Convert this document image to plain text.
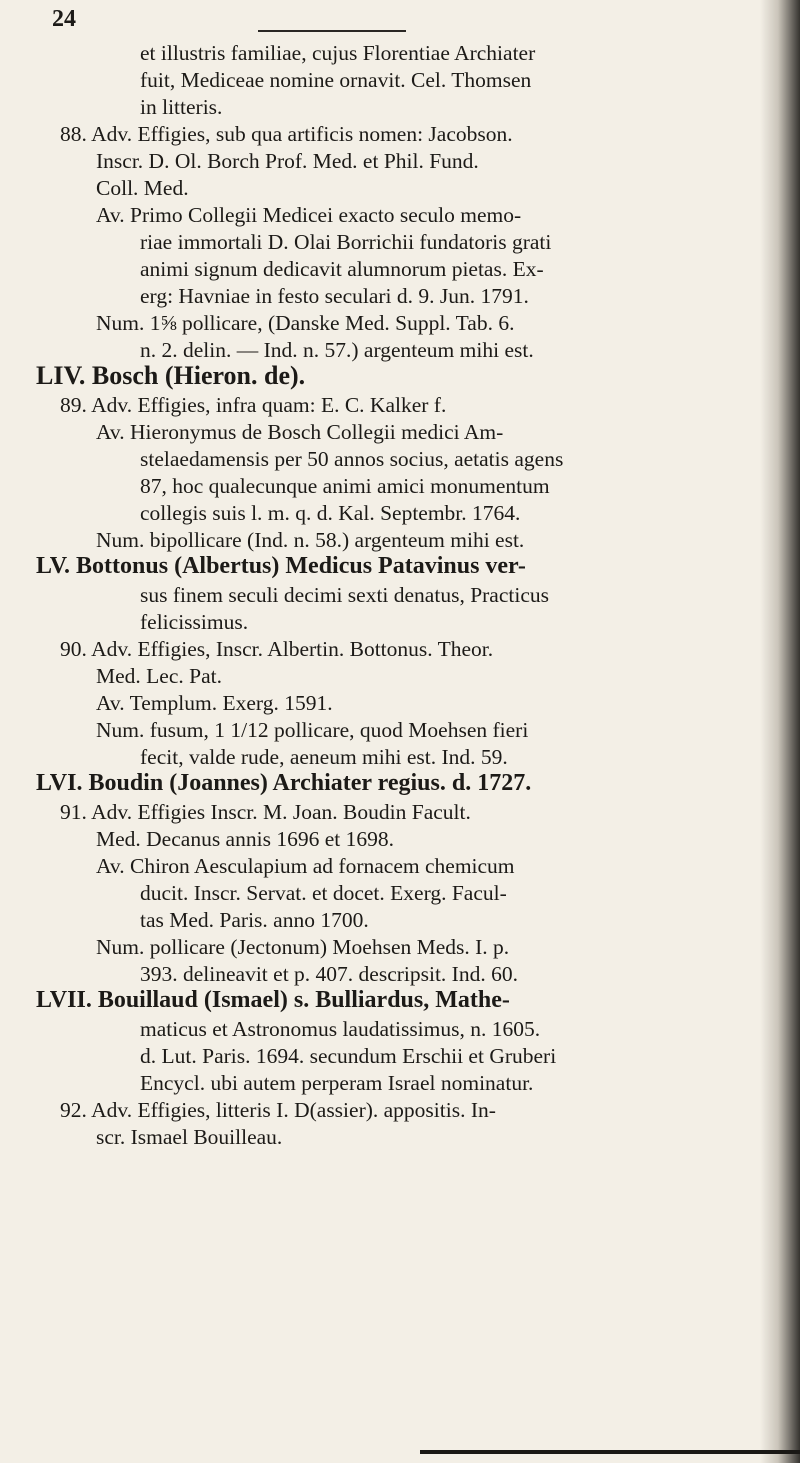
24
et illustris familiae, cujus Florentiae Archiater
fuit, Mediceae nomine ornavit. Cel. Thomsen
in litteris.
88. Adv. Effigies, sub qua artificis nomen: Jacobson.
Inscr. D. Ol. Borch Prof. Med. et Phil. Fund.
Coll. Med.
Av. Primo Collegii Medicei exacto seculo memo-
riae immortali D. Olai Borrichii fundatoris grati
animi signum dedicavit alumnorum pietas. Ex-
erg: Havniae in festo seculari d. 9. Jun. 1791.
Num. 1⅝ pollicare, (Danske Med. Suppl. Tab. 6.
n. 2. delin. — Ind. n. 57.) argenteum mihi est.
LIV. Bosch (Hieron. de).
89. Adv. Effigies, infra quam: E. C. Kalker f.
Av. Hieronymus de Bosch Collegii medici Am-
stelaedamensis per 50 annos socius, aetatis agens
87, hoc qualecunque animi amici monumentum
collegis suis l. m. q. d. Kal. Septembr. 1764.
Num. bipollicare (Ind. n. 58.) argenteum mihi est.
LV. Bottonus (Albertus) Medicus Patavinus ver-
sus finem seculi decimi sexti denatus, Practicus
felicissimus.
90. Adv. Effigies, Inscr. Albertin. Bottonus. Theor.
Med. Lec. Pat.
Av. Templum. Exerg. 1591.
Num. fusum, 1 1/12 pollicare, quod Moehsen fieri
fecit, valde rude, aeneum mihi est. Ind. 59.
LVI. Boudin (Joannes) Archiater regius. d. 1727.
91. Adv. Effigies Inscr. M. Joan. Boudin Facult.
Med. Decanus annis 1696 et 1698.
Av. Chiron Aesculapium ad fornacem chemicum
ducit. Inscr. Servat. et docet. Exerg. Facul-
tas Med. Paris. anno 1700.
Num. pollicare (Jectonum) Moehsen Meds. I. p.
393. delineavit et p. 407. descripsit. Ind. 60.
LVII. Bouillaud (Ismael) s. Bulliardus, Mathe-
maticus et Astronomus laudatissimus, n. 1605.
d. Lut. Paris. 1694. secundum Erschii et Gruberi
Encycl. ubi autem perperam Israel nominatur.
92. Adv. Effigies, litteris I. D(assier). appositis. In-
scr. Ismael Bouilleau.
